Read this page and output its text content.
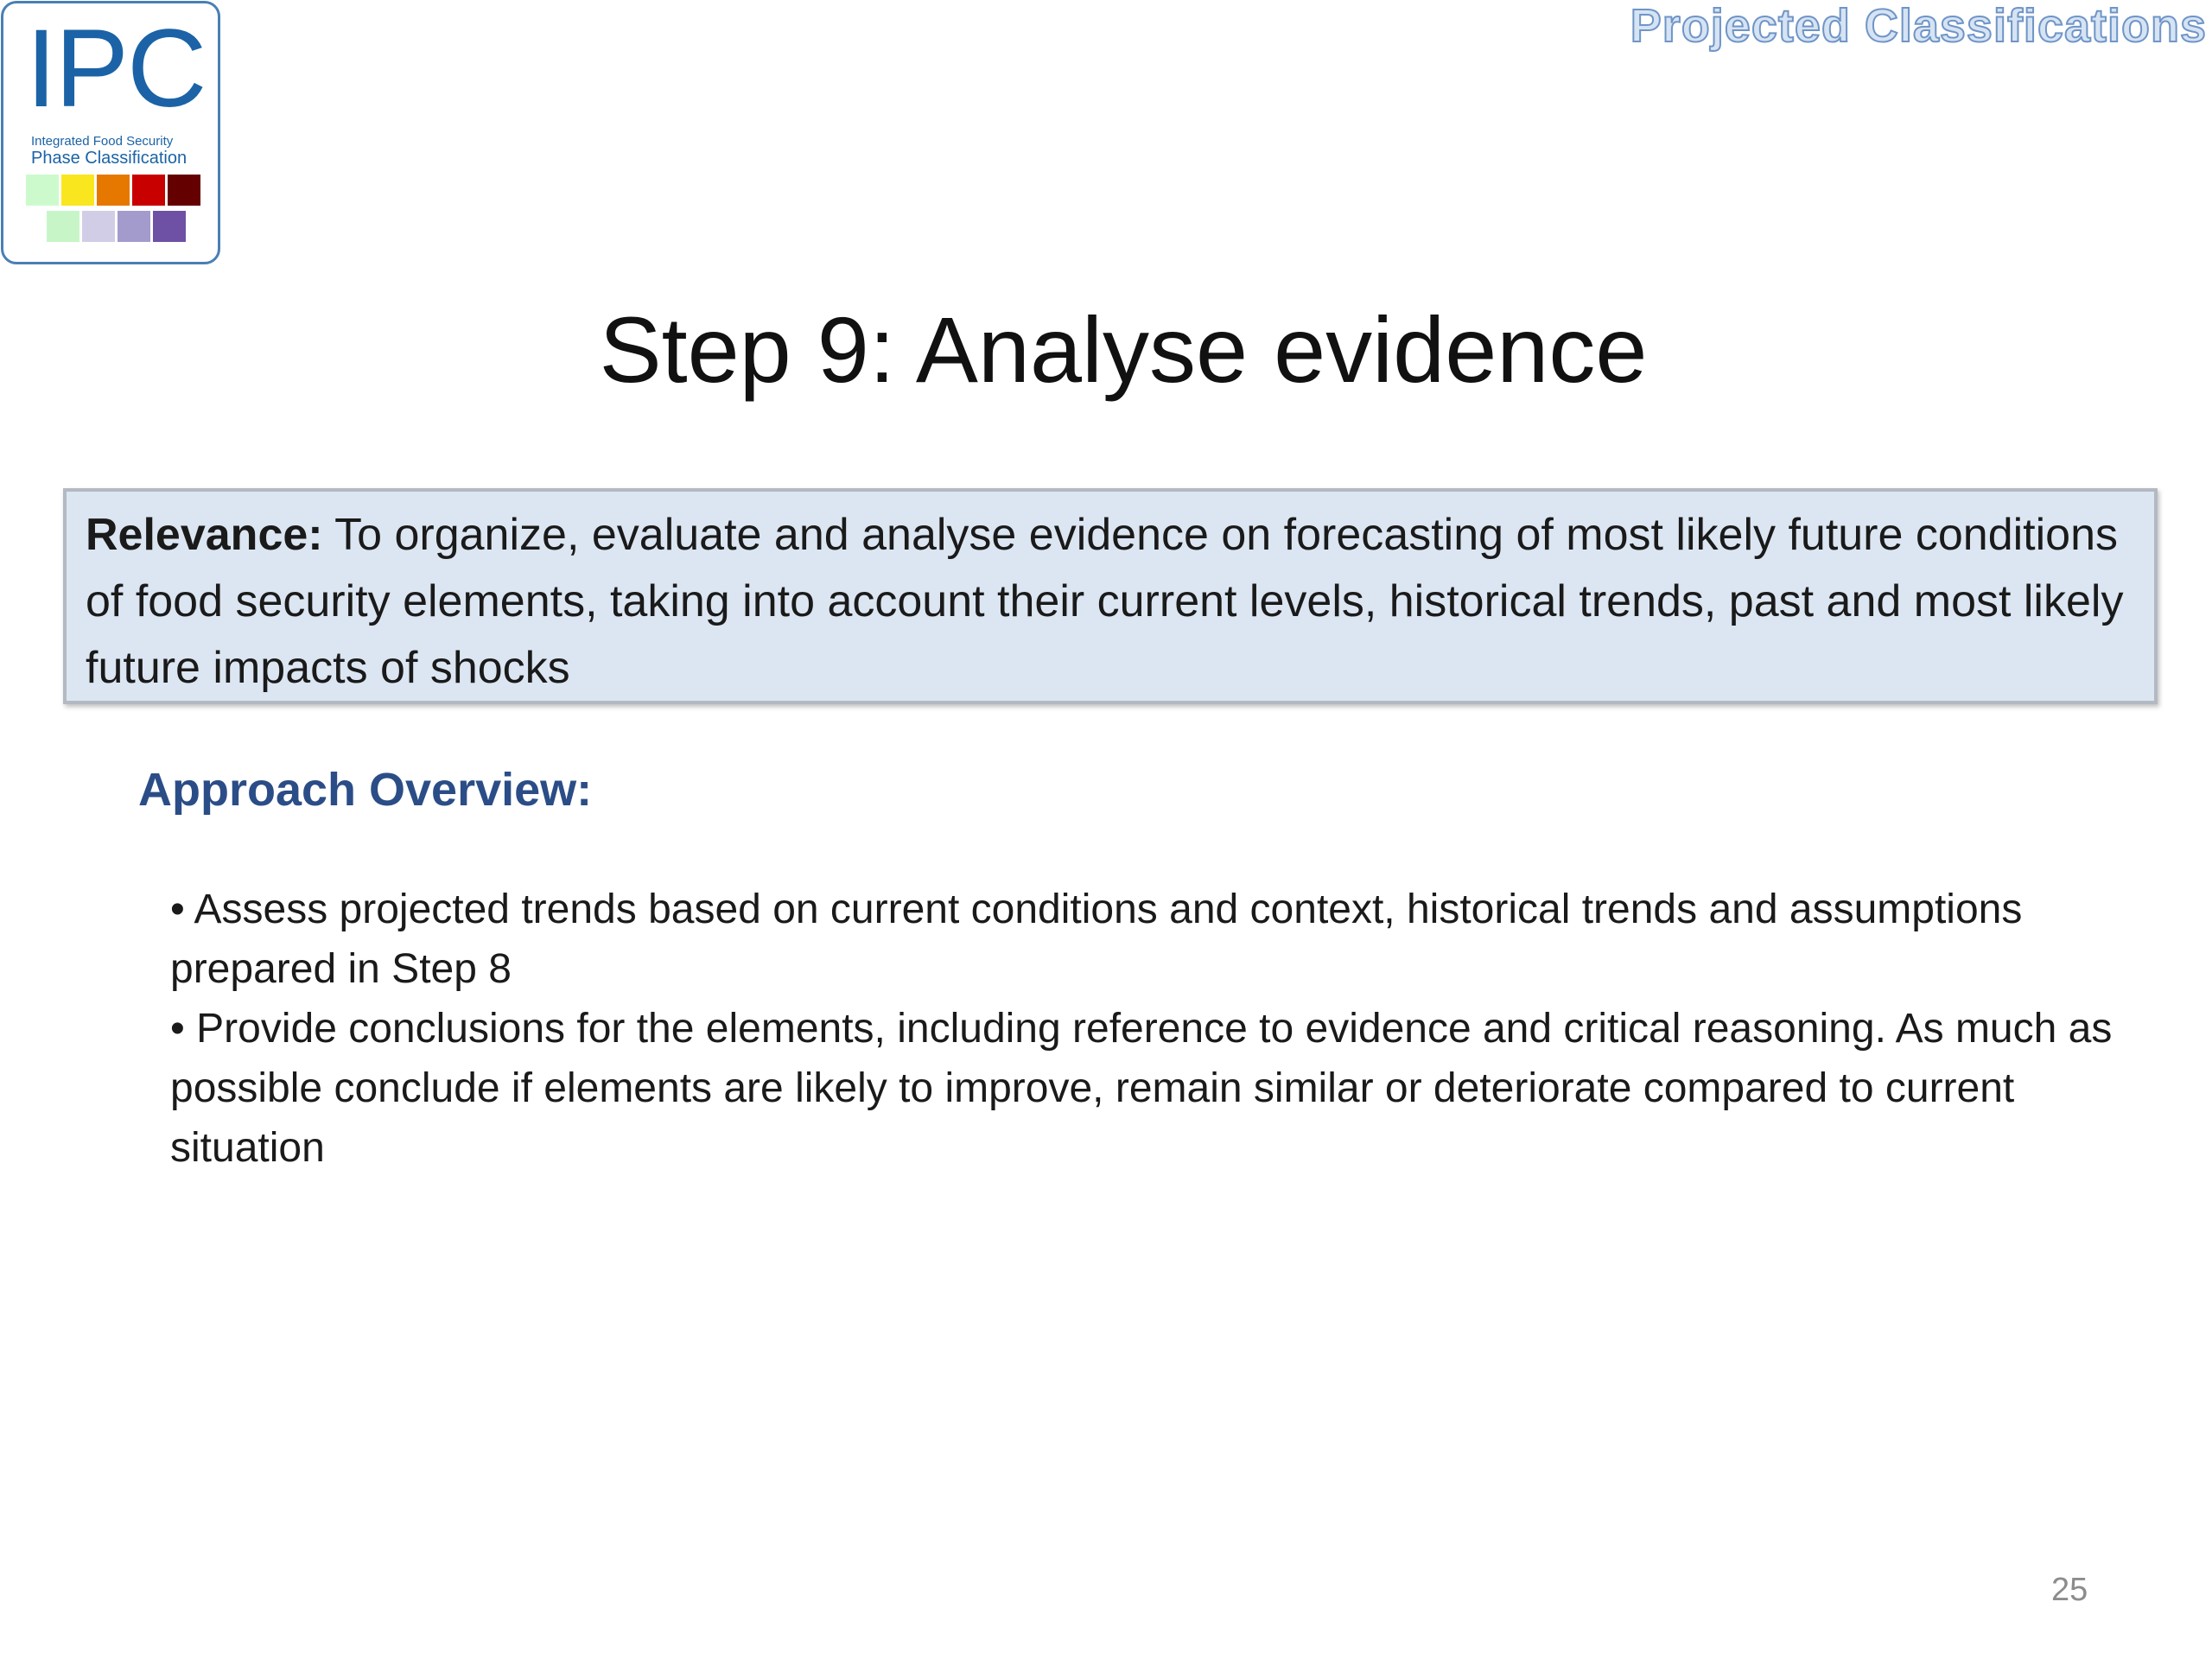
IPC
Integrated Food Security
Phase Classification
Projected Classifications
Step 9: Analyse evidence
Relevance: To organize, evaluate and analyse evidence on forecasting of most likely future conditions of food security elements, taking into account their current levels, historical trends, past and most likely future impacts of shocks
Approach Overview:

• Assess projected trends based on current conditions and context, historical trends and assumptions prepared in Step 8

• Provide conclusions for the elements, including reference to evidence and critical reasoning. As much as possible conclude if elements are likely to improve, remain similar or deteriorate compared to current situation

25
